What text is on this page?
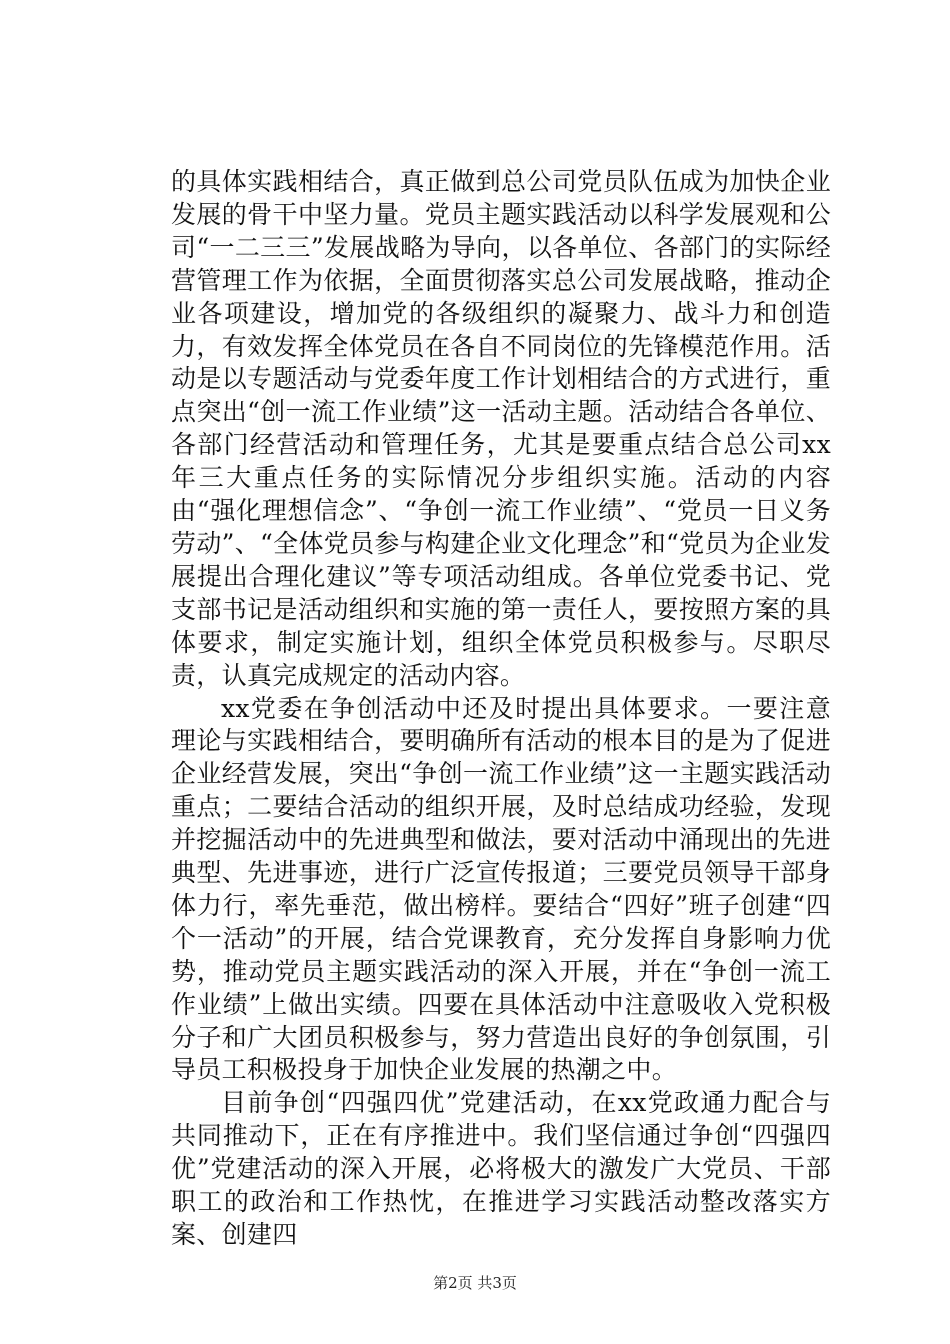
的具体实践相结合，真正做到总公司党员队伍成为加快企业发展的骨干中坚力量。党员主题实践活动以科学发展观和公司“一二三三”发展战略为导向，以各单位、各部门的实际经营管理工作为依据，全面贯彻落实总公司发展战略，推动企业各项建设，增加党的各级组织的凝聚力、战斗力和创造力，有效发挥全体党员在各自不同岗位的先锋模范作用。活动是以专题活动与党委年度工作计划相结合的方式进行，重点突出“创一流工作业绩”这一活动主题。活动结合各单位、各部门经营活动和管理任务，尤其是要重点结合总公司xx年三大重点任务的实际情况分步组织实施。活动的内容由“强化理想信念”、“争创一流工作业绩”、“党员一日义务劳动”、“全体党员参与构建企业文化理念”和“党员为企业发展提出合理化建议”等专项活动组成。各单位党委书记、党支部书记是活动组织和实施的第一责任人，要按照方案的具体要求，制定实施计划，组织全体党员积极参与。尽职尽责，认真完成规定的活动内容。

xx党委在争创活动中还及时提出具体要求。一要注意理论与实践相结合，要明确所有活动的根本目的是为了促进企业经营发展，突出“争创一流工作业绩”这一主题实践活动重点；二要结合活动的组织开展，及时总结成功经验，发现并挖掘活动中的先进典型和做法，要对活动中涌现出的先进典型、先进事迹，进行广泛宣传报道；三要党员领导干部身体力行，率先垂范，做出榜样。要结合“四好”班子创建“四个一活动”的开展，结合党课教育，充分发挥自身影响力优势，推动党员主题实践活动的深入开展，并在“争创一流工作业绩”上做出实绩。四要在具体活动中注意吸收入党积极分子和广大团员积极参与，努力营造出良好的争创氛围，引导员工积极投身于加快企业发展的热潮之中。

目前争创“四强四优”党建活动，在xx党政通力配合与共同推动下，正在有序推进中。我们坚信通过争创“四强四优”党建活动的深入开展，必将极大的激发广大党员、干部职工的政治和工作热忱，在推进学习实践活动整改落实方案、创建四

第2页 共3页
